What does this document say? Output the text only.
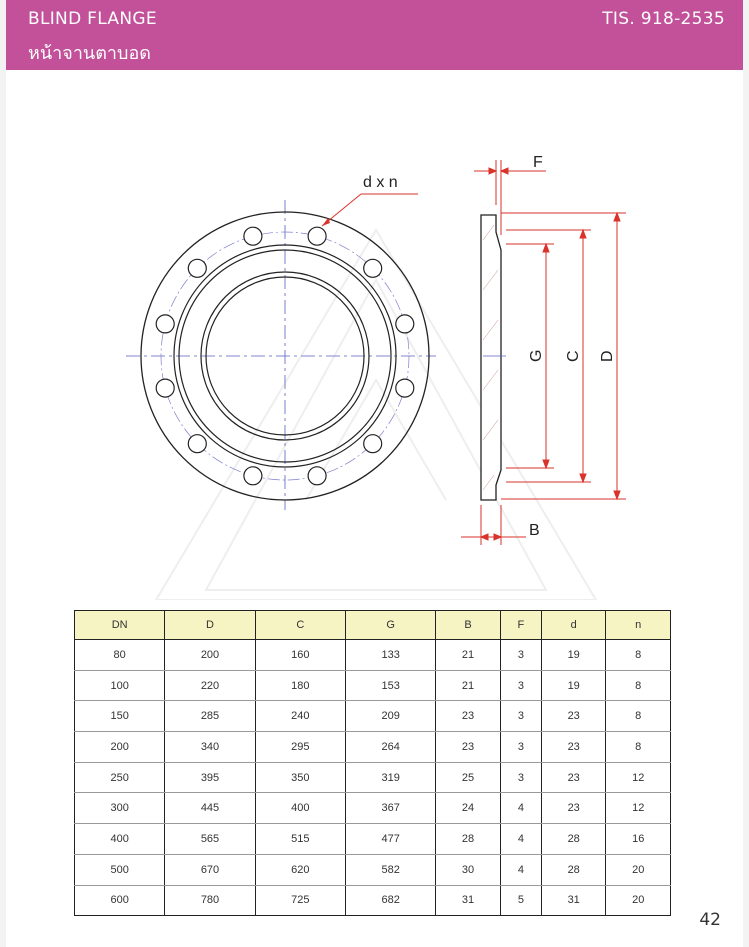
BLIND FLANGE
หน้าจานตาบอด
TIS. 918-2535
d x n
F
B
G C D
DN	D	C	G	B	F	d	n
80	200	160	133	21	3	19	8
100	220	180	153	21	3	19	8
150	285	240	209	23	3	23	8
200	340	295	264	23	3	23	8
250	395	350	319	25	3	23	12
300	445	400	367	24	4	23	12
400	565	515	477	28	4	28	16
500	670	620	582	30	4	28	20
600	780	725	682	31	5	31	20
42
